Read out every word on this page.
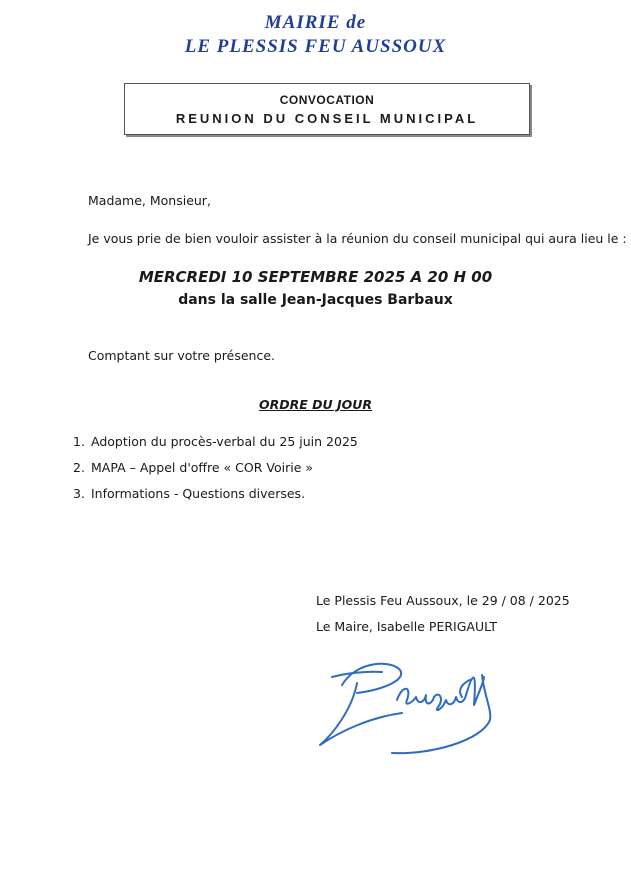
MAIRIE de
LE PLESSIS FEU AUSSOUX
CONVOCATION
REUNION DU CONSEIL MUNICIPAL
Madame, Monsieur,
Je vous prie de bien vouloir assister à la réunion du conseil municipal qui aura lieu le :
MERCREDI 10 SEPTEMBRE 2025 A 20 H 00
dans la salle Jean-Jacques Barbaux
Comptant sur votre présence.
ORDRE DU JOUR
1. Adoption du procès-verbal du 25 juin 2025
2. MAPA – Appel d'offre « COR Voirie »
3. Informations - Questions diverses.
Le Plessis Feu Aussoux, le 29 / 08 / 2025
Le Maire, Isabelle PERIGAULT
